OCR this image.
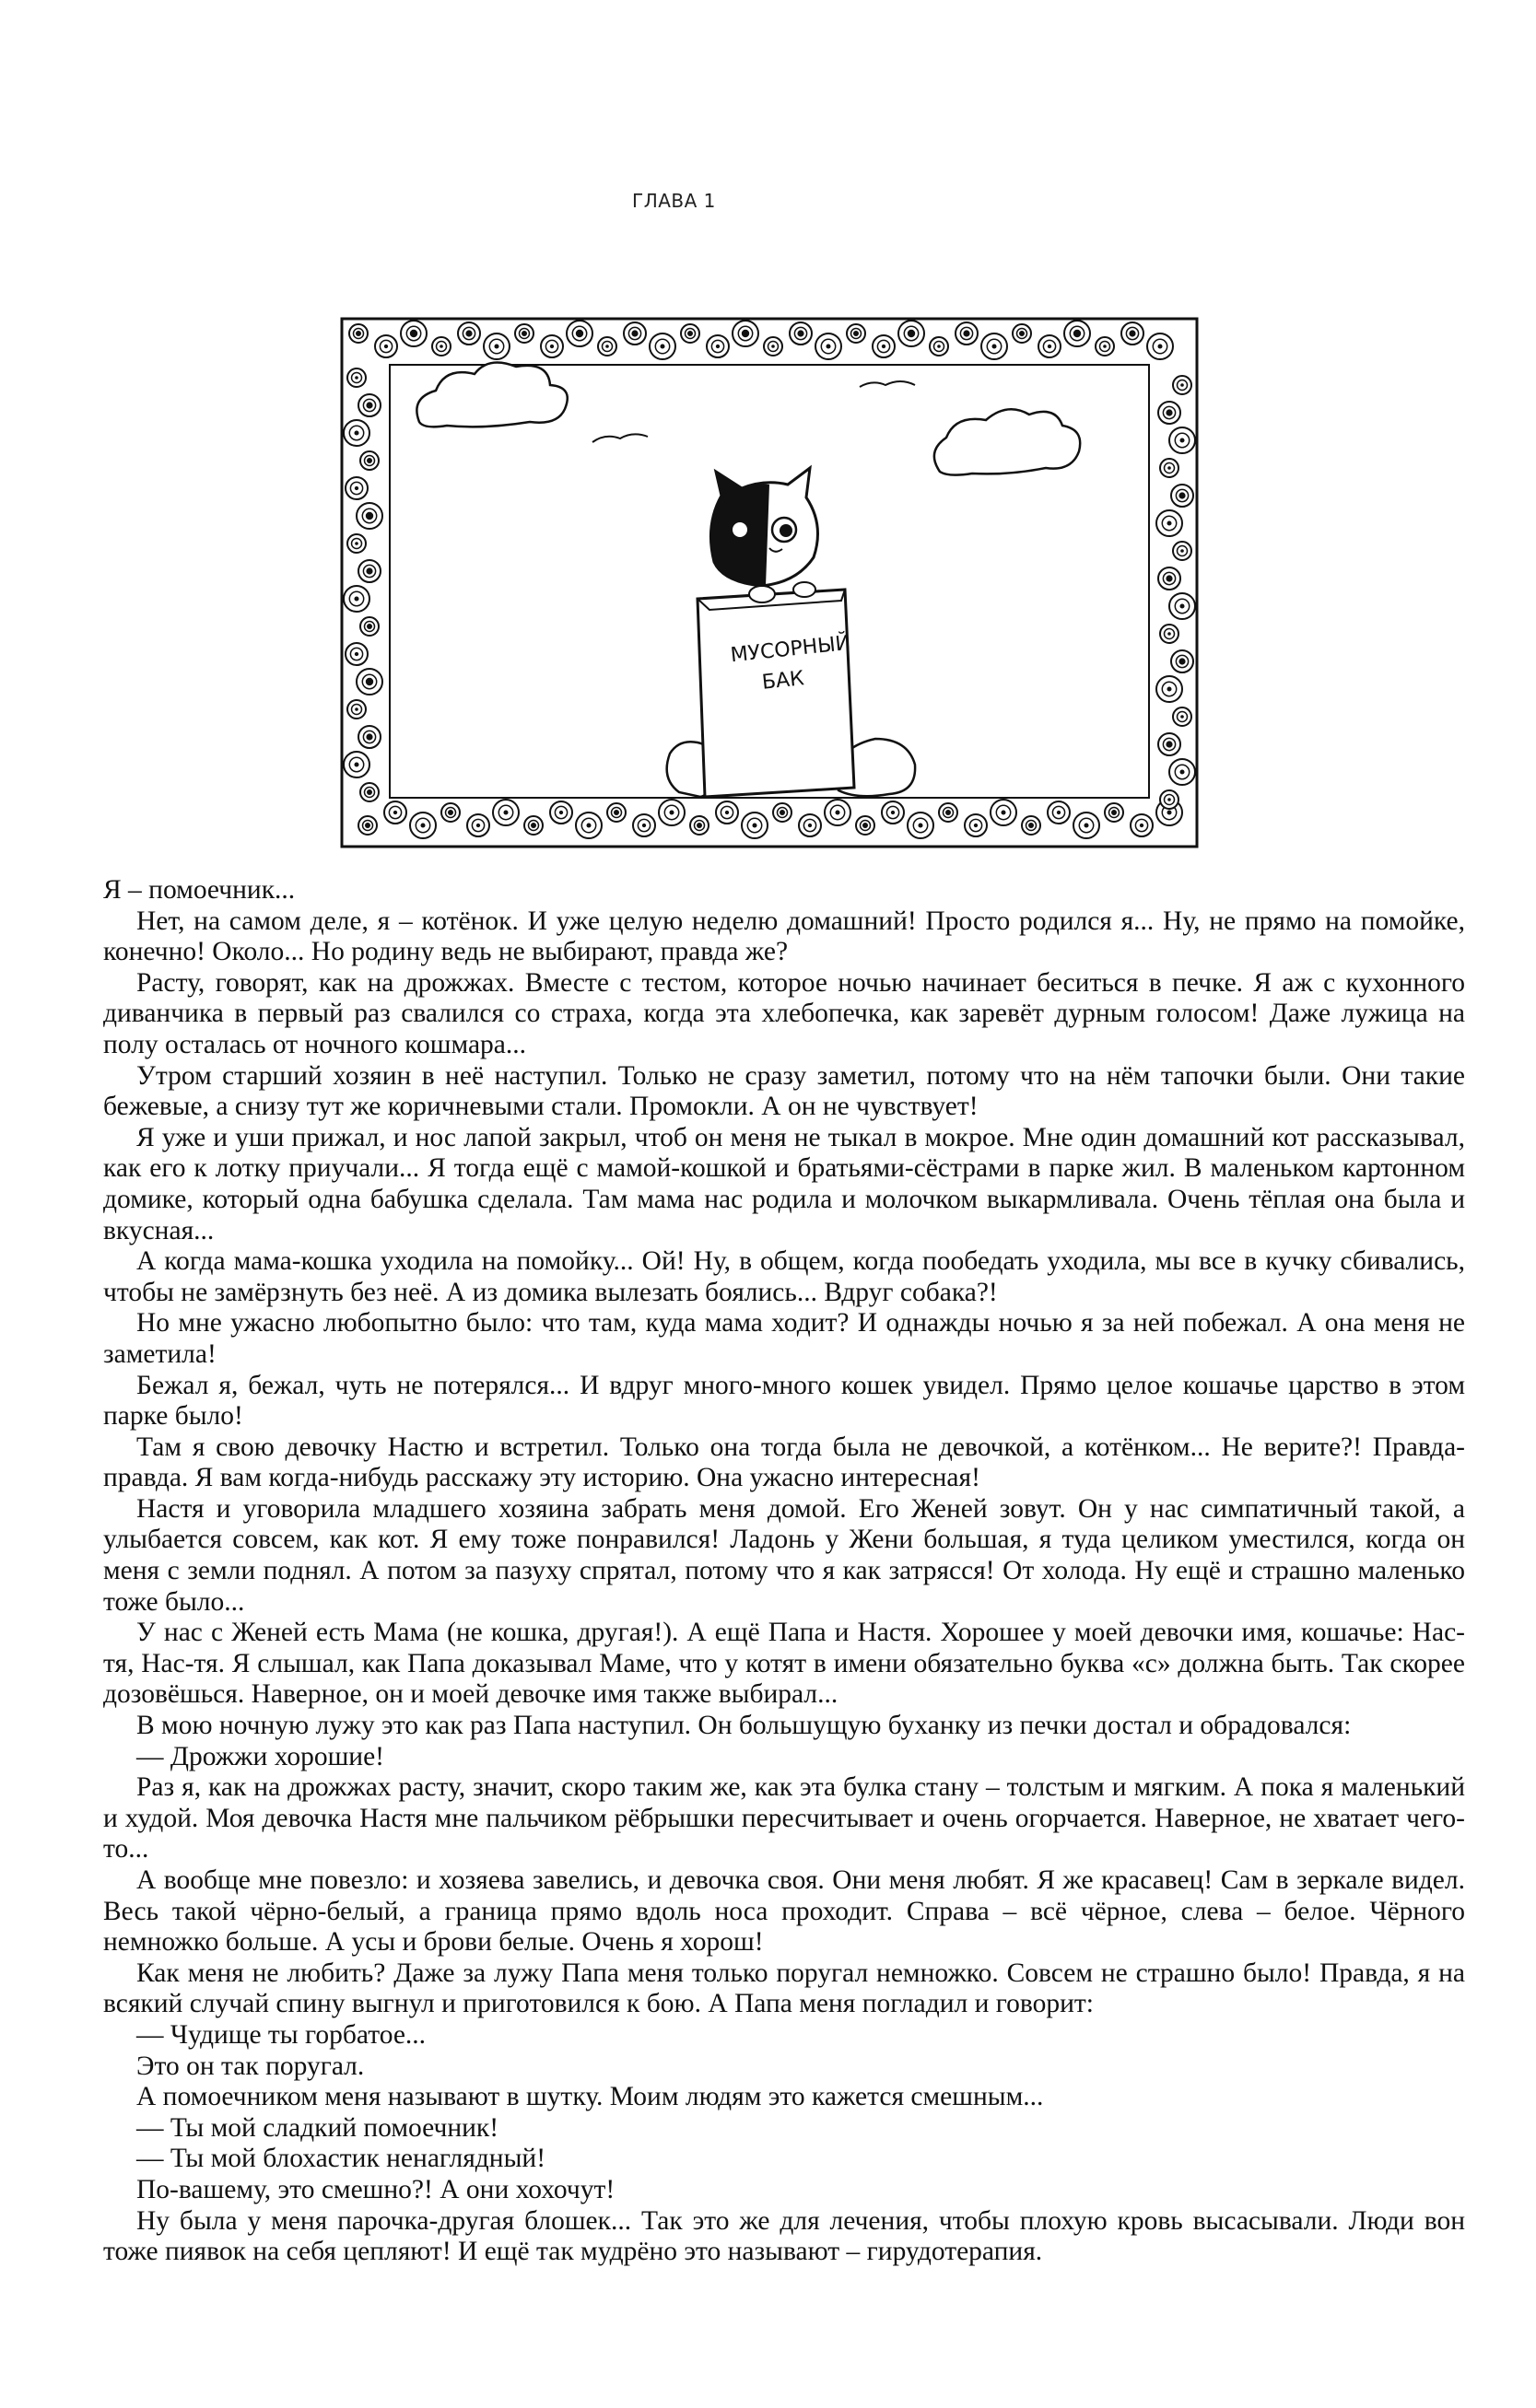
ГЛАВА 1
МУСОРНЫЙ
БАК

Я – помоечник...

Нет, на самом деле, я – котёнок. И уже целую неделю домашний! Просто родился я... Ну, не прямо на помойке, конечно! Около... Но родину ведь не выбирают, правда же?

Расту, говорят, как на дрожжах. Вместе с тестом, которое ночью начинает беситься в печке. Я аж с кухонного диванчика в первый раз свалился со страха, когда эта хлебопечка, как заревёт дурным голосом! Даже лужица на полу осталась от ночного кошмара...

Утром старший хозяин в неё наступил. Только не сразу заметил, потому что на нём тапочки были. Они такие бежевые, а снизу тут же коричневыми стали. Промокли. А он не чувствует!

Я уже и уши прижал, и нос лапой закрыл, чтоб он меня не тыкал в мокрое. Мне один домашний кот рассказывал, как его к лотку приучали... Я тогда ещё с мамой-кошкой и братьями-сёстрами в парке жил. В маленьком картонном домике, который одна бабушка сделала. Там мама нас родила и молочком выкармливала. Очень тёплая она была и вкусная...

А когда мама-кошка уходила на помойку... Ой! Ну, в общем, когда пообедать уходила, мы все в кучку сбивались, чтобы не замёрзнуть без неё. А из домика вылезать боялись... Вдруг собака?!

Но мне ужасно любопытно было: что там, куда мама ходит? И однажды ночью я за ней побежал. А она меня не заметила!

Бежал я, бежал, чуть не потерялся... И вдруг много-много кошек увидел. Прямо целое кошачье царство в этом парке было!

Там я свою девочку Настю и встретил. Только она тогда была не девочкой, а котёнком... Не верите?! Правда-правда. Я вам когда-нибудь расскажу эту историю. Она ужасно интересная!

Настя и уговорила младшего хозяина забрать меня домой. Его Женей зовут. Он у нас симпатичный такой, а улыбается совсем, как кот. Я ему тоже понравился! Ладонь у Жени большая, я туда целиком уместился, когда он меня с земли поднял. А потом за пазуху спрятал, потому что я как затрясся! От холода. Ну ещё и страшно маленько тоже было...

У нас с Женей есть Мама (не кошка, другая!). А ещё Папа и Настя. Хорошее у моей девочки имя, кошачье: Нас-тя, Нас-тя. Я слышал, как Папа доказывал Маме, что у котят в имени обязательно буква «с» должна быть. Так скорее дозовёшься. Наверное, он и моей девочке имя также выбирал...

В мою ночную лужу это как раз Папа наступил. Он большущую буханку из печки достал и обрадовался:

— Дрожжи хорошие!

Раз я, как на дрожжах расту, значит, скоро таким же, как эта булка стану – толстым и мягким. А пока я маленький и худой. Моя девочка Настя мне пальчиком рёбрышки пересчитывает и очень огорчается. Наверное, не хватает чего-то...

А вообще мне повезло: и хозяева завелись, и девочка своя. Они меня любят. Я же красавец! Сам в зеркале видел. Весь такой чёрно-белый, а граница прямо вдоль носа проходит. Справа – всё чёрное, слева – белое. Чёрного немножко больше. А усы и брови белые. Очень я хорош!

Как меня не любить? Даже за лужу Папа меня только поругал немножко. Совсем не страшно было! Правда, я на всякий случай спину выгнул и приготовился к бою. А Папа меня погладил и говорит:

— Чудище ты горбатое...

Это он так поругал.

А помоечником меня называют в шутку. Моим людям это кажется смешным...

— Ты мой сладкий помоечник!

— Ты мой блохастик ненаглядный!

По-вашему, это смешно?! А они хохочут!

Ну была у меня парочка-другая блошек... Так это же для лечения, чтобы плохую кровь высасывали. Люди вон тоже пиявок на себя цепляют! И ещё так мудрёно это называют – гирудотерапия.
